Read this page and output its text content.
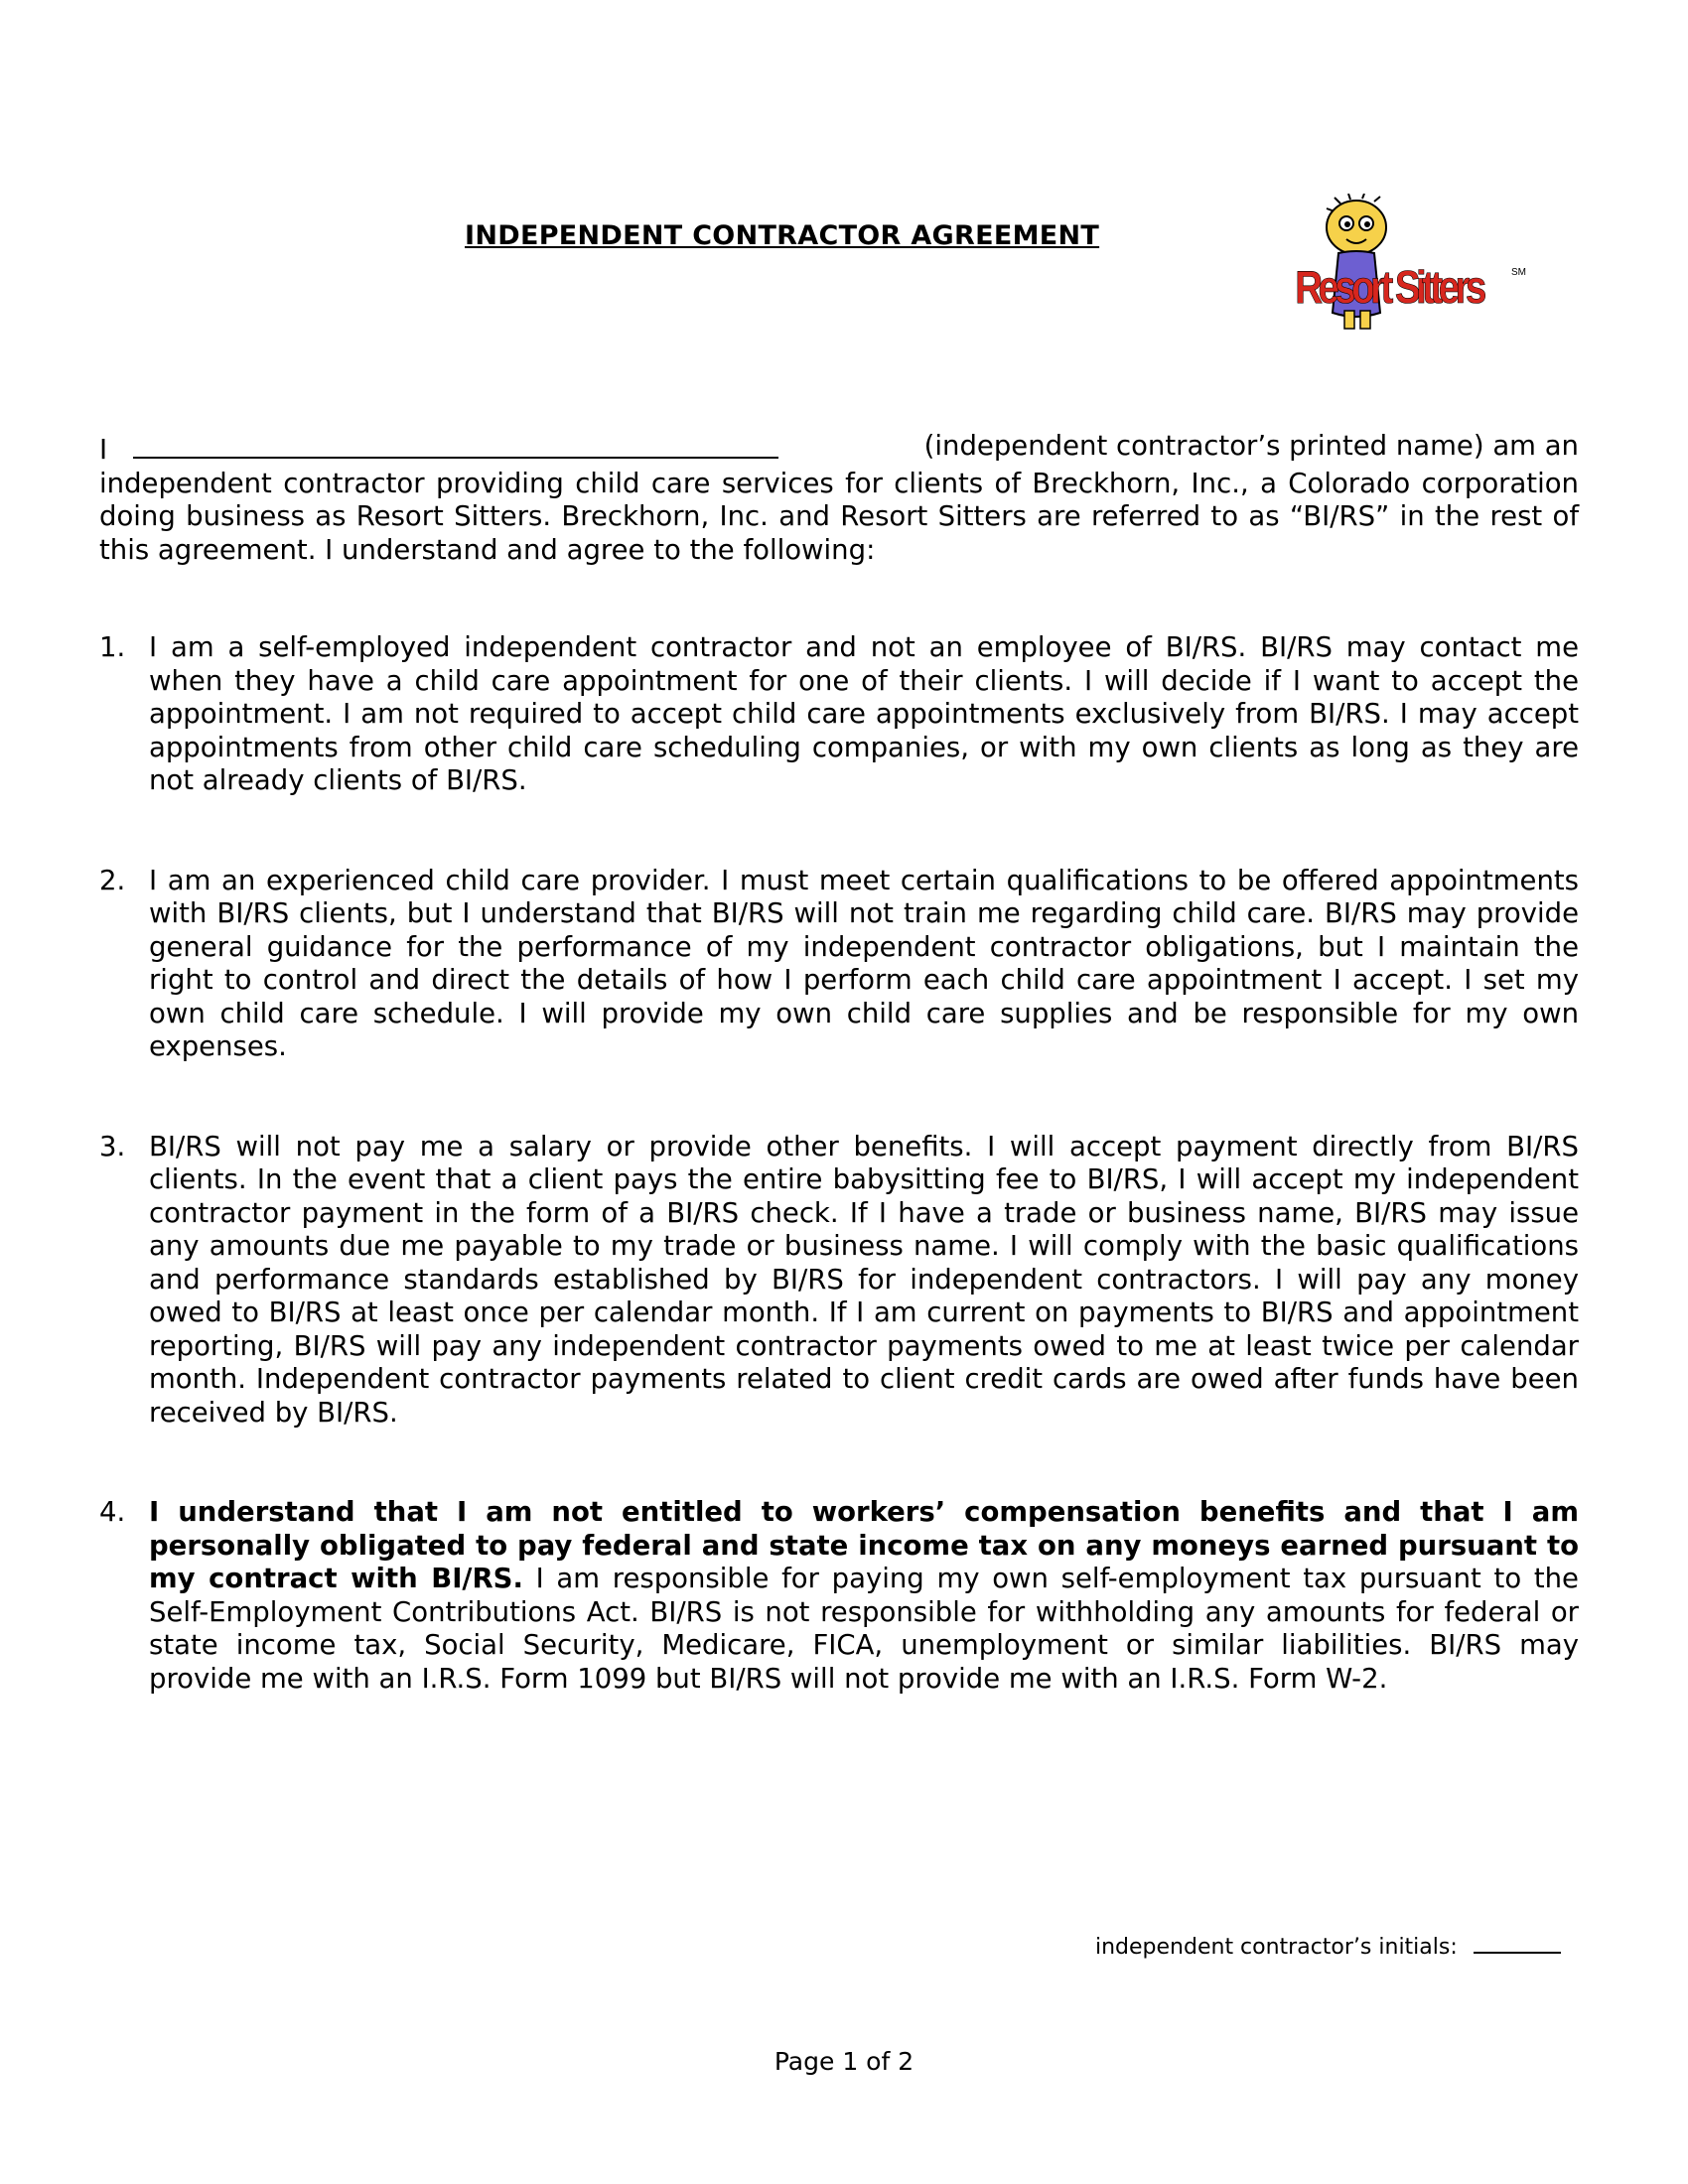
INDEPENDENT CONTRACTOR AGREEMENT
Resort Sitters SM
I	(independent contractor’s printed name) am an
independent contractor providing child care services for clients of Breckhorn, Inc., a Colorado corporation doing business as Resort Sitters. Breckhorn, Inc. and Resort Sitters are referred to as “BI/RS” in the rest of this agreement. I understand and agree to the following:
1. I am a self-employed independent contractor and not an employee of BI/RS. BI/RS may contact me when they have a child care appointment for one of their clients. I will decide if I want to accept the appointment. I am not required to accept child care appointments exclusively from BI/RS. I may accept appointments from other child care scheduling companies, or with my own clients as long as they are not already clients of BI/RS.
2. I am an experienced child care provider. I must meet certain qualifications to be offered appointments with BI/RS clients, but I understand that BI/RS will not train me regarding child care. BI/RS may provide general guidance for the performance of my independent contractor obligations, but I maintain the right to control and direct the details of how I perform each child care appointment I accept. I set my own child care schedule. I will provide my own child care supplies and be responsible for my own expenses.
3. BI/RS will not pay me a salary or provide other benefits. I will accept payment directly from BI/RS clients. In the event that a client pays the entire babysitting fee to BI/RS, I will accept my independent contractor payment in the form of a BI/RS check. If I have a trade or business name, BI/RS may issue any amounts due me payable to my trade or business name. I will comply with the basic qualifications and performance standards established by BI/RS for independent contractors. I will pay any money owed to BI/RS at least once per calendar month. If I am current on payments to BI/RS and appointment reporting, BI/RS will pay any independent contractor payments owed to me at least twice per calendar month. Independent contractor payments related to client credit cards are owed after funds have been received by BI/RS.
4. I understand that I am not entitled to workers’ compensation benefits and that I am personally obligated to pay federal and state income tax on any moneys earned pursuant to my contract with BI/RS. I am responsible for paying my own self-employment tax pursuant to the Self-Employment Contributions Act. BI/RS is not responsible for withholding any amounts for federal or state income tax, Social Security, Medicare, FICA, unemployment or similar liabilities. BI/RS may provide me with an I.R.S. Form 1099 but BI/RS will not provide me with an I.R.S. Form W-2.
independent contractor’s initials:
Page 1 of 2
